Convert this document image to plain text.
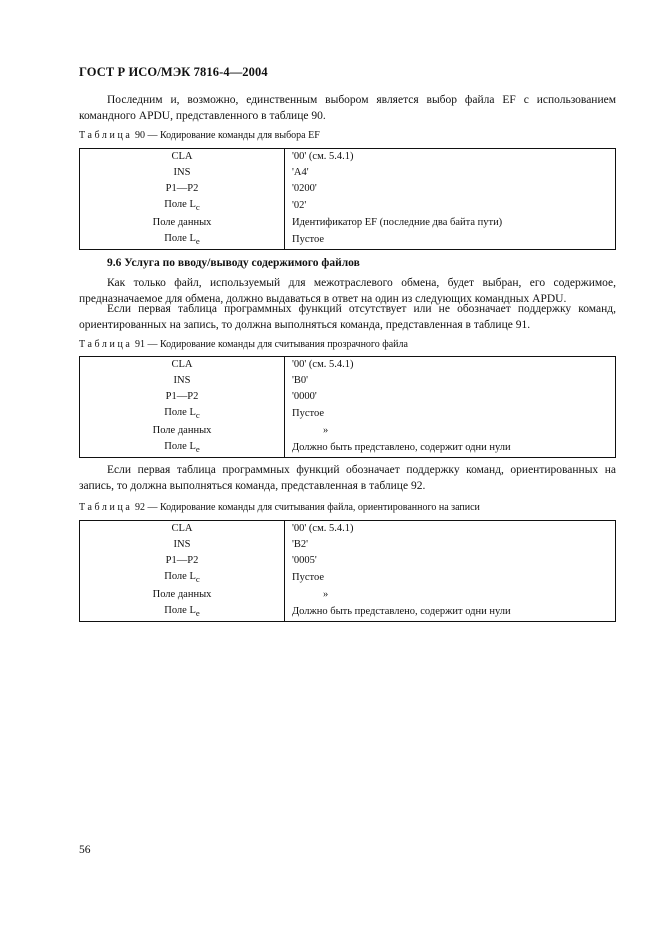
ГОСТ Р ИСО/МЭК 7816-4—2004
Последним и, возможно, единственным выбором является выбор файла EF с использованием командного APDU, представленного в таблице 90.
Таблица 90 — Кодирование команды для выбора EF
CLA	'00' (см. 5.4.1)
INS	'A4'
P1—P2	'0200'
Поле $L_c$	'02'
Поле данных	Идентификатор EF (последние два байта пути)
Поле $L_e$	Пустое
9.6 Услуга по вводу/выводу содержимого файлов
Как только файл, используемый для межотраслевого обмена, будет выбран, его содержимое, предназначаемое для обмена, должно выдаваться в ответ на один из следующих командных APDU.
Если первая таблица программных функций отсутствует или не обозначает поддержку команд, ориентированных на запись, то должна выполняться команда, представленная в таблице 91.
Таблица 91 — Кодирование команды для считывания прозрачного файла
CLA	'00' (см. 5.4.1)
INS	'B0'
P1—P2	'0000'
Поле $L_c$	Пустое
Поле данных	»
Поле $L_e$	Должно быть представлено, содержит одни нули
Если первая таблица программных функций обозначает поддержку команд, ориентированных на запись, то должна выполняться команда, представленная в таблице 92.
Таблица 92 — Кодирование команды для считывания файла, ориентированного на записи
CLA	'00' (см. 5.4.1)
INS	'B2'
P1—P2	'0005'
Поле $L_c$	Пустое
Поле данных	»
Поле $L_e$	Должно быть представлено, содержит одни нули
56
